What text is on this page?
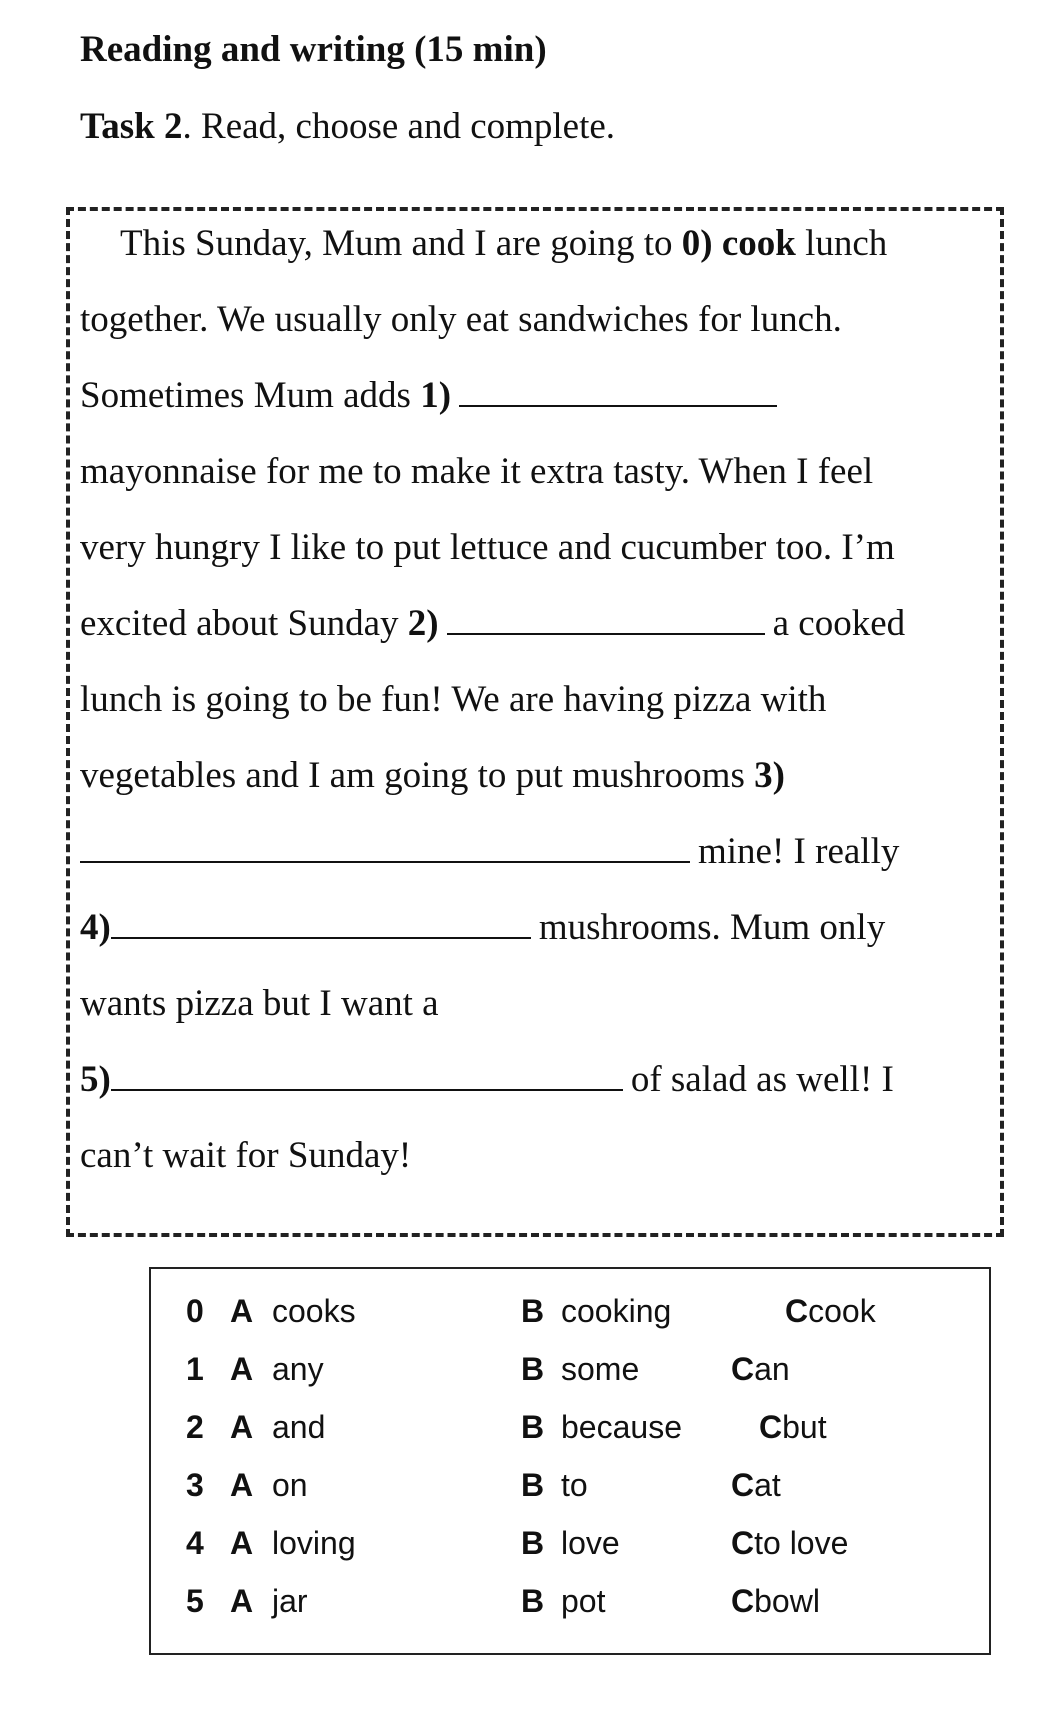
Reading and writing (15 min)
Task 2. Read, choose and complete.
This Sunday, Mum and I are going to 0) cook lunch
together. We usually only eat sandwiches for lunch.
Sometimes Mum adds 1)
mayonnaise for me to make it extra tasty. When I feel
very hungry I like to put lettuce and cucumber too. I’m
excited about Sunday 2)	a cooked
lunch is going to be fun! We are having pizza with
vegetables and I am going to put mushrooms 3)
mine! I really
4)	mushrooms. Mum only
wants pizza but I want a
5)	of salad as well! I
can’t wait for Sunday!
0 A cooks	B cooking	Ccook
1 A any	B some	Can
2 A and	B because Cbut
3 A on	B to	Cat
4 A loving	B love	Cto love
5 A jar	B pot	Cbowl
